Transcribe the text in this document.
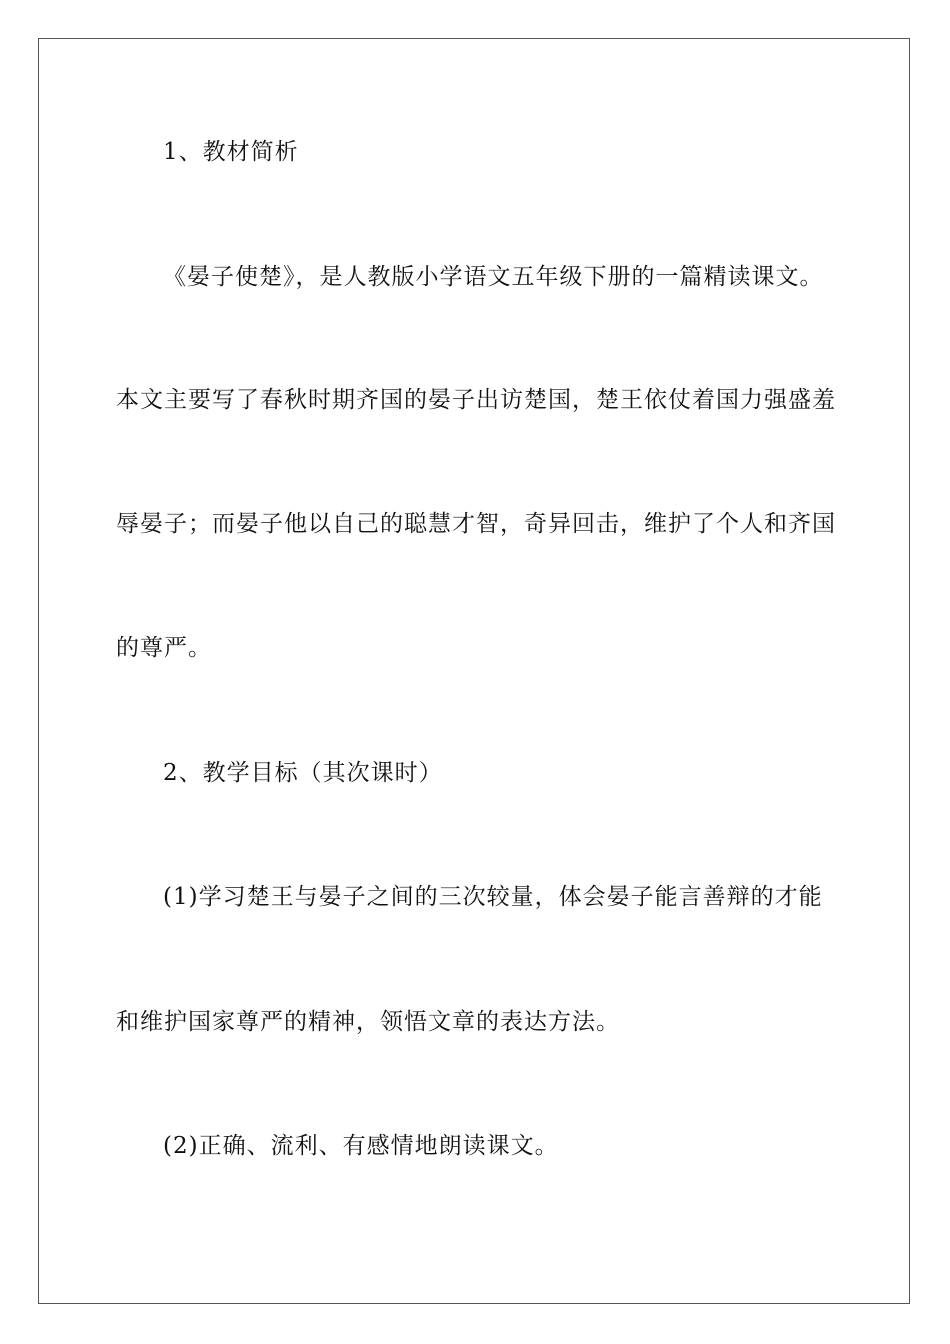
1、教材简析
《晏子使楚》，是人教版小学语文五年级下册的一篇精读课文。
本文主要写了春秋时期齐国的晏子出访楚国，楚王依仗着国力强盛羞
辱晏子；而晏子他以自己的聪慧才智，奇异回击，维护了个人和齐国
的尊严。
2、教学目标（其次课时）
(1)学习楚王与晏子之间的三次较量，体会晏子能言善辩的才能
和维护国家尊严的精神，领悟文章的表达方法。
(2)正确、流利、有感情地朗读课文。
